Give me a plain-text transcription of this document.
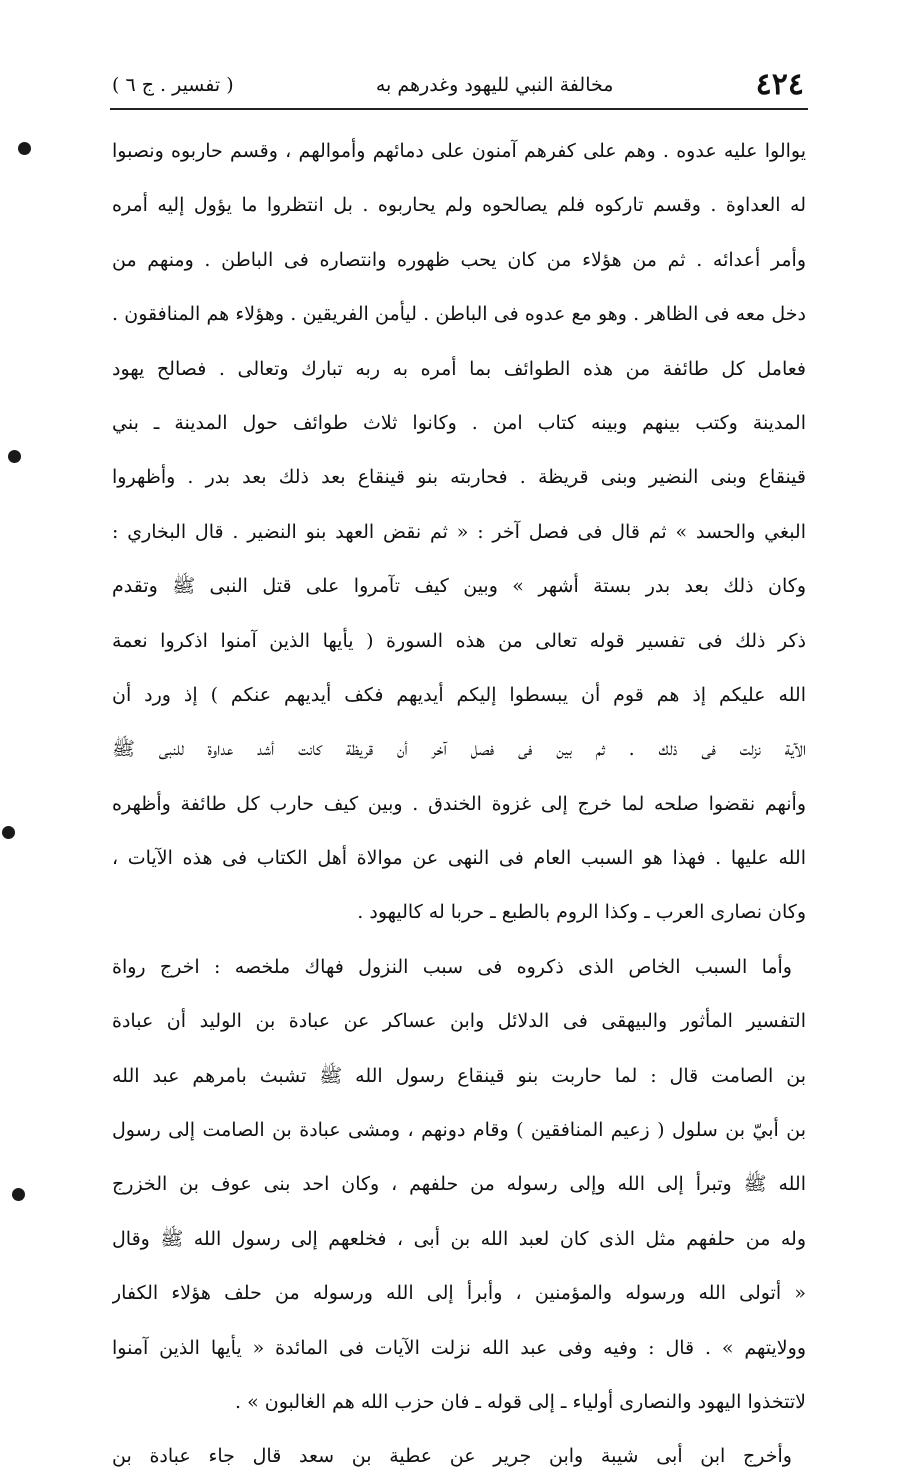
٤٢٤
مخالفة النبي لليهود وغدرهم به
( تفسير . ج ٦ )
يوالوا عليه عدوه . وهم على كفرهم آمنون على دمائهم وأموالهم ، وقسم حاربوه ونصبوا
له العداوة . وقسم تاركوه فلم يصالحوه ولم يحاربوه . بل انتظروا ما يؤول إليه أمره
وأمر أعدائه . ثم من هؤلاء من كان يحب ظهوره وانتصاره فى الباطن . ومنهم من
دخل معه فى الظاهر . وهو مع عدوه فى الباطن . ليأمن الفريقين . وهؤلاء هم المنافقون .
فعامل كل طائفة من هذه الطوائف بما أمره به ربه تبارك وتعالى . فصالح يهود
المدينة وكتب بينهم وبينه كتاب امن . وكانوا ثلاث طوائف حول المدينة ـ بني
قينقاع وبنى النضير وبنى قريظة . فحاربته بنو قينقاع بعد ذلك بعد بدر . وأظهروا
البغي والحسد » ثم قال فى فصل آخر : « ثم نقض العهد بنو النضير . قال البخاري :
وكان ذلك بعد بدر بستة أشهر » وبين كيف تآمروا على قتل النبى ﷺ وتقدم
ذكر ذلك فى تفسير قوله تعالى من هذه السورة ( يأيها الذين آمنوا اذكروا نعمة
الله عليكم إذ هم قوم أن يبسطوا إليكم أيديهم فكف أيديهم عنكم ) إذ ورد أن
الآية نزلت فى ذلك . ثم بين فى فصل آخر أن قريظة كانت أشد عداوة للنبى ﷺ
وأنهم نقضوا صلحه لما خرج إلى غزوة الخندق . وبين كيف حارب كل طائفة وأظهره
الله عليها . فهذا هو السبب العام فى النهى عن موالاة أهل الكتاب فى هذه الآيات ،
وكان نصارى العرب ـ وكذا الروم بالطبع ـ حربا له كاليهود .
وأما السبب الخاص الذى ذكروه فى سبب النزول فهاك ملخصه : اخرج رواة
التفسير المأثور والبيهقى فى الدلائل وابن عساكر عن عبادة بن الوليد أن عبادة
بن الصامت قال : لما حاربت بنو قينقاع رسول الله ﷺ تشبث بامرهم عبد الله
بن أبيّ بن سلول ( زعيم المنافقين ) وقام دونهم ، ومشى عبادة بن الصامت إلى رسول
الله ﷺ وتبرأ إلى الله وإلى رسوله من حلفهم ، وكان احد بنى عوف بن الخزرج
وله من حلفهم مثل الذى كان لعبد الله بن أبى ، فخلعهم إلى رسول الله ﷺ وقال
« أتولى الله ورسوله والمؤمنين ، وأبرأ إلى الله ورسوله من حلف هؤلاء الكفار
وولايتهم » . قال : وفيه وفى عبد الله نزلت الآيات فى المائدة « يأيها الذين آمنوا
لاتتخذوا اليهود والنصارى أولياء ـ إلى قوله ـ فان حزب الله هم الغالبون » .
وأخرج ابن أبى شيبة وابن جرير عن عطية بن سعد قال جاء عبادة بن
